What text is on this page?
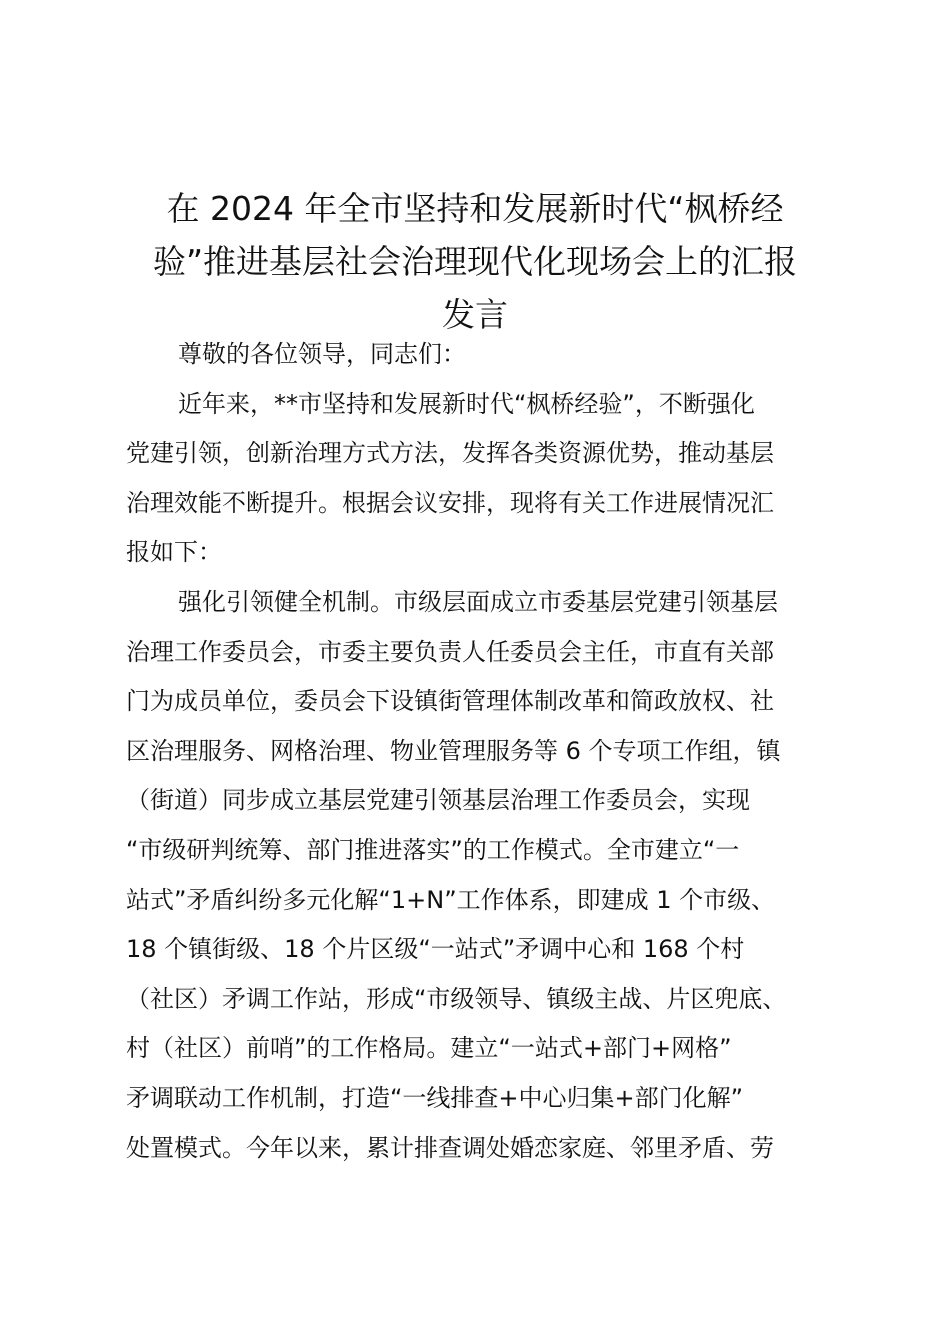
在 2024 年全市坚持和发展新时代“枫桥经
验”推进基层社会治理现代化现场会上的汇报
发言
尊敬的各位领导，同志们：
近年来，**市坚持和发展新时代“枫桥经验”，不断强化
党建引领，创新治理方式方法，发挥各类资源优势，推动基层
治理效能不断提升。根据会议安排，现将有关工作进展情况汇
报如下：
强化引领健全机制。市级层面成立市委基层党建引领基层
治理工作委员会，市委主要负责人任委员会主任，市直有关部
门为成员单位，委员会下设镇街管理体制改革和简政放权、社
区治理服务、网格治理、物业管理服务等 6 个专项工作组，镇
（街道）同步成立基层党建引领基层治理工作委员会，实现
“市级研判统筹、部门推进落实”的工作模式。全市建立“一
站式”矛盾纠纷多元化解“1+N”工作体系，即建成 1 个市级、
18 个镇街级、18 个片区级“一站式”矛调中心和 168 个村
（社区）矛调工作站，形成“市级领导、镇级主战、片区兜底、
村（社区）前哨”的工作格局。建立“一站式+部门+网格”
矛调联动工作机制，打造“一线排查+中心归集+部门化解”
处置模式。今年以来，累计排查调处婚恋家庭、邻里矛盾、劳
